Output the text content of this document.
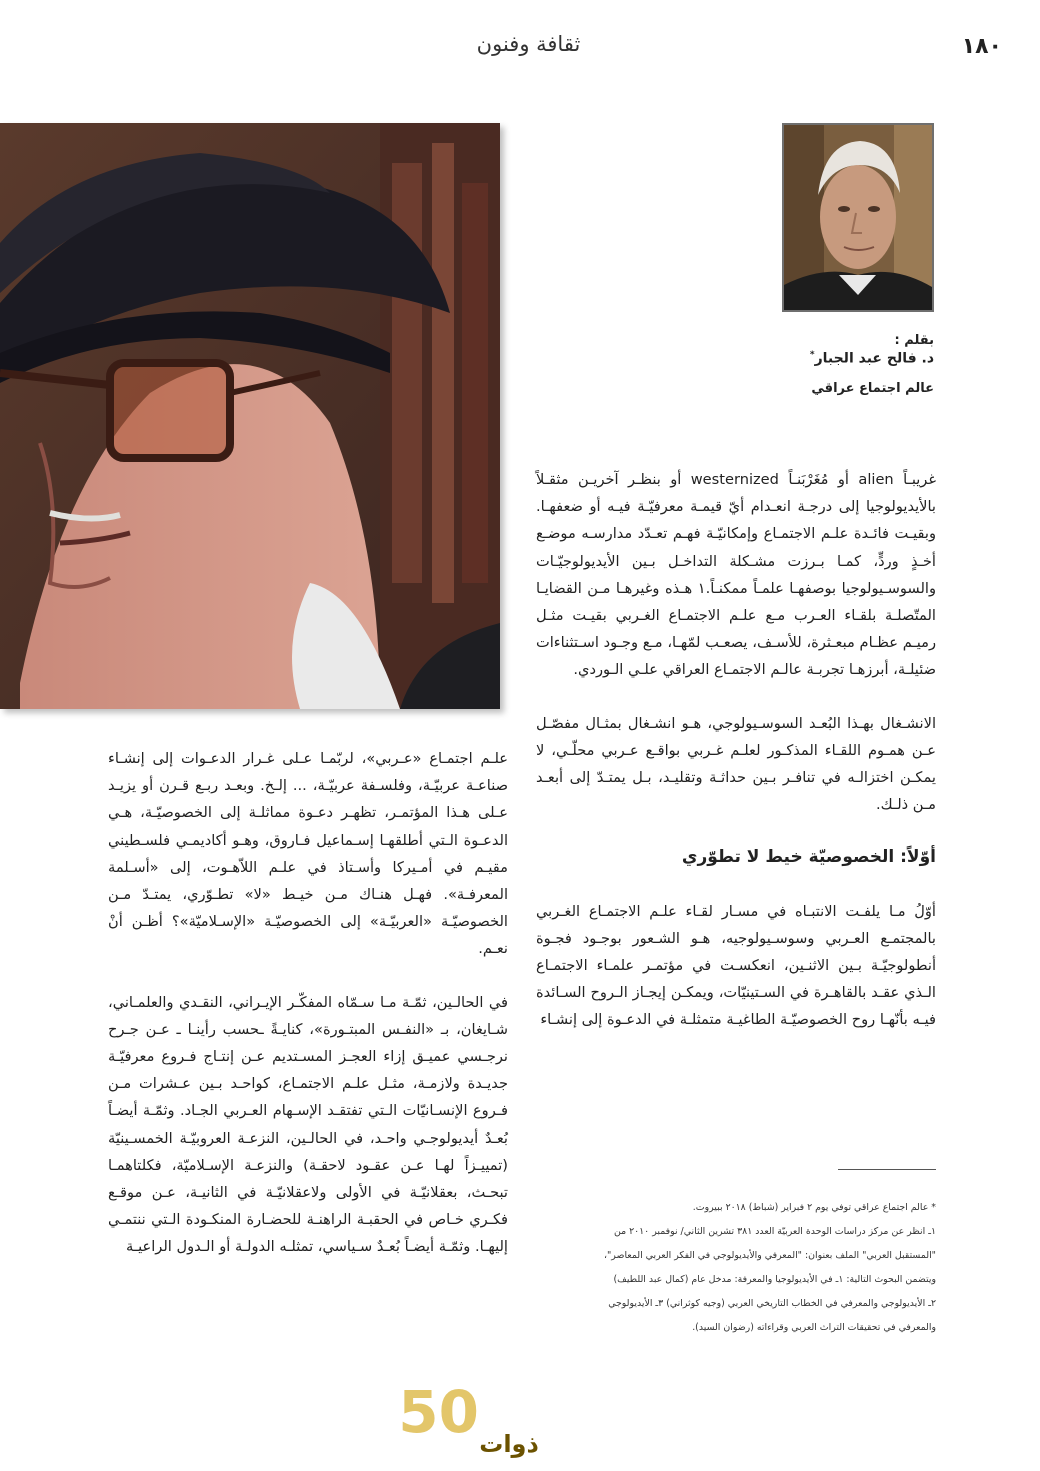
١٨٠
ثقافة وفنون

بقلم :

د. فالح عبد الجبار*

عالم اجتماع عراقي

غريبـاً alien أو مُغَرْبَنـاً westernized أو بنظـر آخريـن مثقـلاً بالأيديولوجيا إلى درجـة انعـدام أيّ قيمـة معرفيّـة فيـه أو ضعفهـا. وبقيـت فائـدة علـم الاجتمـاع وإمكانيّـة فهـم تعـدّد مدارسـه موضـع أخـذٍ وردٍّ، كمـا بـرزت مشـكلة التداخـل بـين الأيديولوجيّـات والسوسـيولوجيا بوصفهـا علمـاً ممكنـاً.١ هـذه وغيرهـا مـن القضايـا المتّصلـة بلقـاء العـرب مـع علـم الاجتمـاع الغـربي بقيـت مثـل رميـم عظـام مبعـثرة، للأسـف، يصعـب لمّهـا، مـع وجـود اسـتثناءات ضئيلـة، أبرزهـا تجربـة عالـم الاجتمـاع العراقي علـي الـوردي.

الانشـغال بهـذا البُعـد السوسـيولوجي، هـو انشـغال بمثـال مفصّـل عـن همـوم اللقـاء المذكـور لعلـم غـربي بواقـع عـربي محلّـي، لا يمكـن اختزالـه في تنافـر بـين حداثـة وتقليـد، بـل يمتـدّ إلى أبعـد مـن ذلـك.

أوّلاً: الخصوصيّة خيط لا تطوّري

أوّلُ مـا يلفـت الانتبـاه في مسـار لقـاء علـم الاجتمـاع الغـربي بالمجتمـع العـربي وسوسـيولوجيه، هـو الشـعور بوجـود فجـوة أنطولوجيّـة بـين الاثنـين، انعكسـت في مؤتمـر علمـاء الاجتمـاع الـذي عقـد بالقاهـرة في السـتينيّات، ويمكـن إيجـاز الـروح السـائدة فيـه بأنّهـا روح الخصوصيّـة الطاغيـة متمثلـة في الدعـوة إلى إنشـاء

علـم اجتمـاع «عـربي»، لربّمـا عـلى غـرار الدعـوات إلى إنشـاء صناعـة عربيّـة، وفلسـفة عربيّـة، ... إلـخ. وبعـد ربـع قـرن أو يزيـد عـلى هـذا المؤتمـر، تظهـر دعـوة مماثلـة إلى الخصوصيّـة، هـي الدعـوة الـتي أطلقهـا إسـماعيل فـاروق، وهـو أكاديمـي فلسـطيني مقيـم في أمـيركا وأسـتاذ في علـم اللاّهـوت، إلى «أسـلمة المعرفـة». فهـل هنـاك مـن خيـط «لا» تطـوّري، يمتـدّ مـن الخصوصيّـة «العربيّـة» إلى الخصوصيّـة «الإسـلاميّة»؟ أظـن أنْ نعـم.

في الحالـين، ثمّـة مـا سـمّاه المفكّـر الإيـراني، النقـدي والعلمـاني، شـايغان، بـ «النفـس المبتـورة»، كنايـةً ـحسب رأينـا ـ عـن جـرح نرجـسي عميـق إزاء العجـز المسـتديم عـن إنتـاج فـروع معرفيّـة جديـدة ولازمـة، مثـل علـم الاجتمـاع، كواحـد بـين عـشرات مـن فـروع الإنسـانيّات الـتي تفتقـد الإسـهام العـربي الجـاد. وثمّـة أيضـاً بُعـدٌ أيديولوجـي واحـد، في الحالـين، النزعـة العروبيّـة الخمسـينيّة (تمييـزاً لهـا عـن عقـود لاحقـة) والنزعـة الإسـلاميّة، فكلتاهمـا تبحـث، بعقلانيّـة في الأولى ولاعقلانيّـة في الثانيـة، عـن موقـع فكـري خـاص في الحقبـة الراهنـة للحضـارة المنكـودة الـتي ننتمـي إليهـا. وثمّـة أيضـاً بُعـدٌ سـياسي، تمثلـه الدولـة أو الـدول الراعيـة

* عالم اجتماع عراقي توفي يوم ٢ فبراير (شباط) ٢٠١٨ ببيروت.

١ـ انظر عن مركز دراسات الوحدة العربيّة العدد ٣٨١ تشرين الثاني/ نوفمبر ٢٠١٠ من

"المستقبل العربي" الملف بعنوان: "المعرفي والأيديولوجي في الفكر العربي المعاصر"،

ويتضمن البحوث التالية: ١ـ في الأيديولوجيا والمعرفة: مدخل عام (كمال عبد اللطيف)

٢ـ الأيديولوجي والمعرفي في الخطاب التاريخي العربي (وجيه كوثراني) ٣ـ الأيديولوجي

والمعرفي في تحقيقات التراث العربي وقراءاته (رضوان السيد).

50 ذوات
